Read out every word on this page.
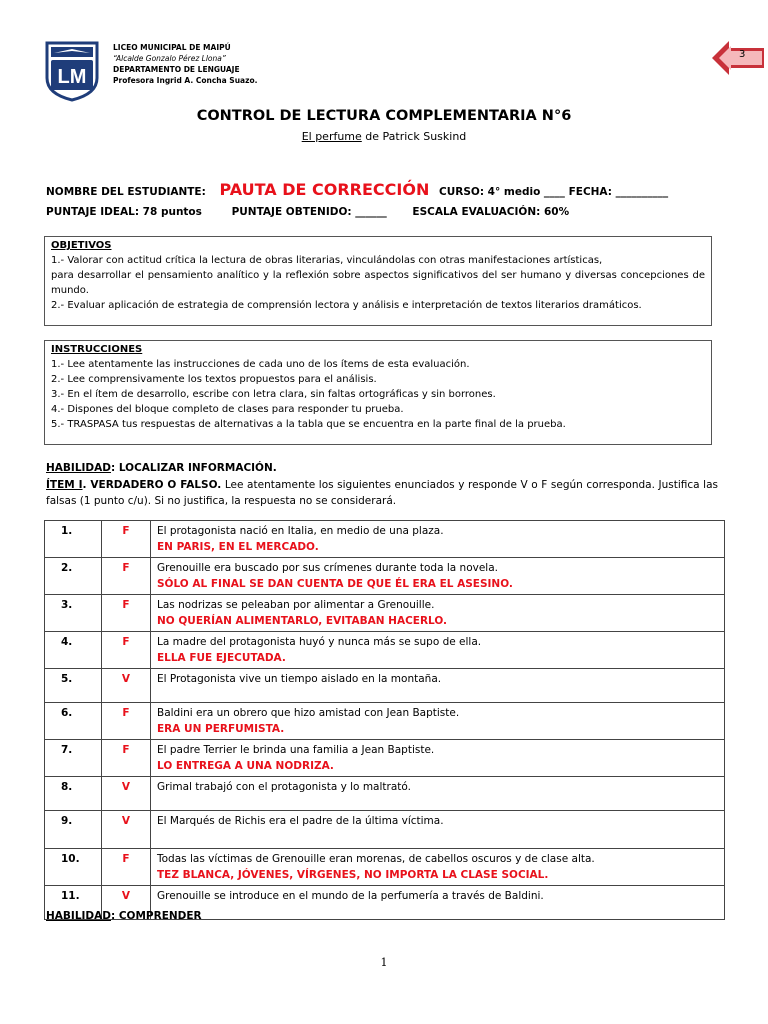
LM
LICEO MUNICIPAL DE MAIPÚ
“Alcalde Gonzalo Pérez Llona”
DEPARTAMENTO DE LENGUAJE
Profesora Ingrid A. Concha Suazo.
3
CONTROL DE LECTURA COMPLEMENTARIA N°6
El perfume de Patrick Suskind
NOMBRE DEL ESTUDIANTE: PAUTA DE CORRECCIÓN CURSO: 4° medio ____ FECHA: __________
PUNTAJE IDEAL: 78 puntos	PUNTAJE OBTENIDO: ______ ESCALA EVALUACIÓN: 60%
OBJETIVOS
1.- Valorar con actitud crítica la lectura de obras literarias, vinculándolas con otras manifestaciones artísticas,
para desarrollar el pensamiento analítico y la reflexión sobre aspectos significativos del ser humano y diversas concepciones de mundo.
2.- Evaluar aplicación de estrategia de comprensión lectora y análisis e interpretación de textos literarios dramáticos.
INSTRUCCIONES
1.- Lee atentamente las instrucciones de cada uno de los ítems de esta evaluación.
2.- Lee comprensivamente los textos propuestos para el análisis.
3.- En el ítem de desarrollo, escribe con letra clara, sin faltas ortográficas y sin borrones.
4.- Dispones del bloque completo de clases para responder tu prueba.
5.- TRASPASA tus respuestas de alternativas a la tabla que se encuentra en la parte final de la prueba.
HABILIDAD: LOCALIZAR INFORMACIÓN.
ÍTEM I. VERDADERO O FALSO. Lee atentamente los siguientes enunciados y responde V o F según corresponda. Justifica las falsas (1 punto c/u). Si no justifica, la respuesta no se considerará.
1.	F	El protagonista nació en Italia, en medio de una plaza.
EN PARIS, EN EL MERCADO.

2.	F	Grenouille era buscado por sus crímenes durante toda la novela.
SÓLO AL FINAL SE DAN CUENTA DE QUE ÉL ERA EL ASESINO.

3.	F	Las nodrizas se peleaban por alimentar a Grenouille.
NO QUERÍAN ALIMENTARLO, EVITABAN HACERLO.

4.	F	La madre del protagonista huyó y nunca más se supo de ella.
ELLA FUE EJECUTADA.

5.	V	El Protagonista vive un tiempo aislado en la montaña.

6.	F	Baldini era un obrero que hizo amistad con Jean Baptiste.
ERA UN PERFUMISTA.

7.	F	El padre Terrier le brinda una familia a Jean Baptiste.
LO ENTREGA A UNA NODRIZA.

8.	V	Grimal trabajó con el protagonista y lo maltrató.

9.	V	El Marqués de Richis era el padre de la última víctima.

10.	F	Todas las víctimas de Grenouille eran morenas, de cabellos oscuros y de clase alta.
TEZ BLANCA, JÓVENES, VÍRGENES, NO IMPORTA LA CLASE SOCIAL.

11.	V	Grenouille se introduce en el mundo de la perfumería a través de Baldini.
HABILIDAD: COMPRENDER
1
